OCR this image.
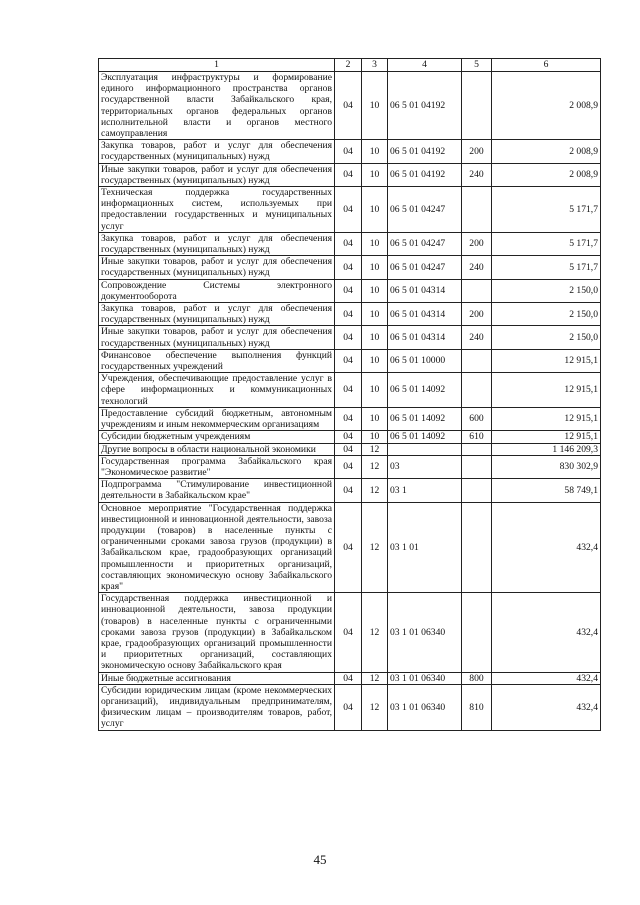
1	2	3	4	5	6
Эксплуатация инфраструктуры и формирование единого информационного пространства органов государственной власти Забайкальского края, территориальных органов федеральных органов исполнительной власти и органов местного самоуправления	04	10	06 5 01 04192		2 008,9
Закупка товаров, работ и услуг для обеспечения государственных (муниципальных) нужд	04	10	06 5 01 04192	200	2 008,9
Иные закупки товаров, работ и услуг для обеспечения государственных (муниципальных) нужд	04	10	06 5 01 04192	240	2 008,9
Техническая поддержка государственных информационных систем, используемых при предоставлении государственных и муниципальных услуг	04	10	06 5 01 04247		5 171,7
Закупка товаров, работ и услуг для обеспечения государственных (муниципальных) нужд	04	10	06 5 01 04247	200	5 171,7
Иные закупки товаров, работ и услуг для обеспечения государственных (муниципальных) нужд	04	10	06 5 01 04247	240	5 171,7
Сопровождение Системы электронного документооборота	04	10	06 5 01 04314		2 150,0
Закупка товаров, работ и услуг для обеспечения государственных (муниципальных) нужд	04	10	06 5 01 04314	200	2 150,0
Иные закупки товаров, работ и услуг для обеспечения государственных (муниципальных) нужд	04	10	06 5 01 04314	240	2 150,0
Финансовое обеспечение выполнения функций государственных учреждений	04	10	06 5 01 10000		12 915,1
Учреждения, обеспечивающие предоставление услуг в сфере информационных и коммуникационных технологий	04	10	06 5 01 14092		12 915,1
Предоставление субсидий бюджетным, автономным учреждениям и иным некоммерческим организациям	04	10	06 5 01 14092	600	12 915,1
Субсидии бюджетным учреждениям	04	10	06 5 01 14092	610	12 915,1
Другие вопросы в области национальной экономики	04	12			1 146 209,3
Государственная программа Забайкальского края "Экономическое развитие"	04	12	03		830 302,9
Подпрограмма "Стимулирование инвестиционной деятельности в Забайкальском крае"	04	12	03 1		58 749,1
Основное мероприятие "Государственная поддержка инвестиционной и инновационной деятельности, завоза продукции (товаров) в населенные пункты с ограниченными сроками завоза грузов (продукции) в Забайкальском крае, градообразующих организаций промышленности и приоритетных организаций, составляющих экономическую основу Забайкальского края"	04	12	03 1 01		432,4
Государственная поддержка инвестиционной и инновационной деятельности, завоза продукции (товаров) в населенные пункты с ограниченными сроками завоза грузов (продукции) в Забайкальском крае, градообразующих организаций промышленности и приоритетных организаций, составляющих экономическую основу Забайкальского края	04	12	03 1 01 06340		432,4
Иные бюджетные ассигнования	04	12	03 1 01 06340	800	432,4
Субсидии юридическим лицам (кроме некоммерческих организаций), индивидуальным предпринимателям, физическим лицам – производителям товаров, работ, услуг	04	12	03 1 01 06340	810	432,4
45
